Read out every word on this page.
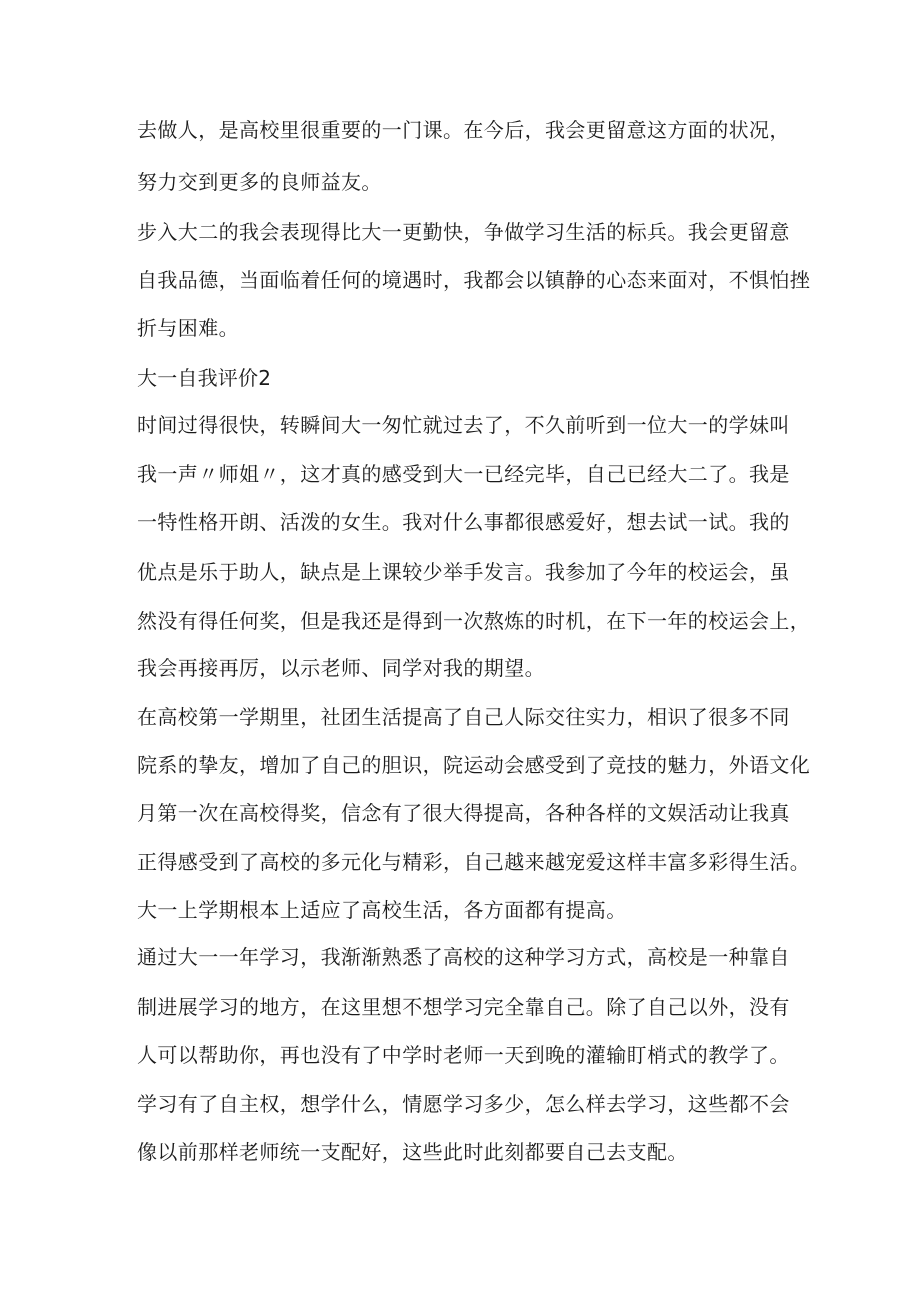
去做人，是高校里很重要的一门课。在今后，我会更留意这方面的状况，
努力交到更多的良师益友。
步入大二的我会表现得比大一更勤快，争做学习生活的标兵。我会更留意
自我品德，当面临着任何的境遇时，我都会以镇静的心态来面对，不惧怕挫
折与困难。
大一自我评价2
时间过得很快，转瞬间大一匆忙就过去了，不久前听到一位大一的学妹叫
我一声〃师姐〃，这才真的感受到大一已经完毕，自己已经大二了。我是
一特性格开朗、活泼的女生。我对什么事都很感爱好，想去试一试。我的
优点是乐于助人，缺点是上课较少举手发言。我参加了今年的校运会，虽
然没有得任何奖，但是我还是得到一次熬炼的时机，在下一年的校运会上，
我会再接再厉，以示老师、同学对我的期望。
在高校第一学期里，社团生活提高了自己人际交往实力，相识了很多不同
院系的挚友，增加了自己的胆识，院运动会感受到了竞技的魅力，外语文化
月第一次在高校得奖，信念有了很大得提高，各种各样的文娱活动让我真
正得感受到了高校的多元化与精彩，自己越来越宠爱这样丰富多彩得生活。
大一上学期根本上适应了高校生活，各方面都有提高。
通过大一一年学习，我渐渐熟悉了高校的这种学习方式，高校是一种靠自
制进展学习的地方，在这里想不想学习完全靠自己。除了自己以外，没有
人可以帮助你，再也没有了中学时老师一天到晚的灌输盯梢式的教学了。
学习有了自主权，想学什么，情愿学习多少，怎么样去学习，这些都不会
像以前那样老师统一支配好，这些此时此刻都要自己去支配。
